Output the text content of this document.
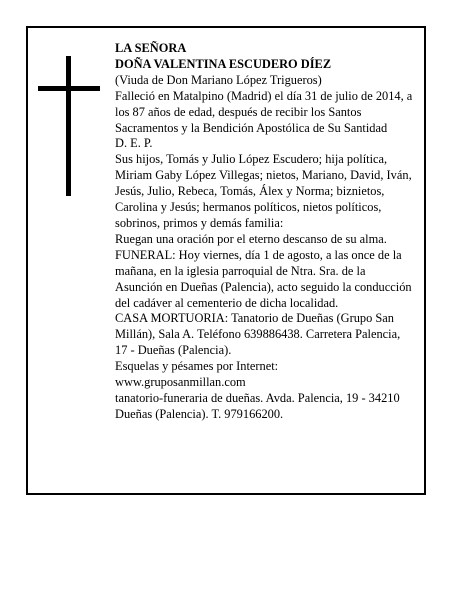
LA SEÑORA
DOÑA VALENTINA ESCUDERO DÍEZ
(Viuda de Don Mariano López Trigueros)
Falleció en Matalpino (Madrid) el día 31 de julio de 2014, a los 87 años de edad, después de recibir los Santos Sacramentos y la Bendición Apostólica de Su Santidad
D. E. P.
Sus hijos, Tomás y Julio López Escudero; hija política, Miriam Gaby López Villegas; nietos, Mariano, David, Iván, Jesús, Julio, Rebeca, Tomás, Álex y Norma; biznietos, Carolina y Jesús; hermanos políticos, nietos políticos, sobrinos, primos y demás familia:
Ruegan una oración por el eterno descanso de su alma.
FUNERAL: Hoy viernes, día 1 de agosto, a las once de la mañana, en la iglesia parroquial de Ntra. Sra. de la Asunción en Dueñas (Palencia), acto seguido la conducción del cadáver al cementerio de dicha localidad.
CASA MORTUORIA: Tanatorio de Dueñas (Grupo San Millán), Sala A. Teléfono 639886438. Carretera Palencia, 17 - Dueñas (Palencia).
Esquelas y pésames por Internet:
www.gruposanmillan.com
tanatorio-funeraria de dueñas. Avda. Palencia, 19 - 34210 Dueñas (Palencia). T. 979166200.
